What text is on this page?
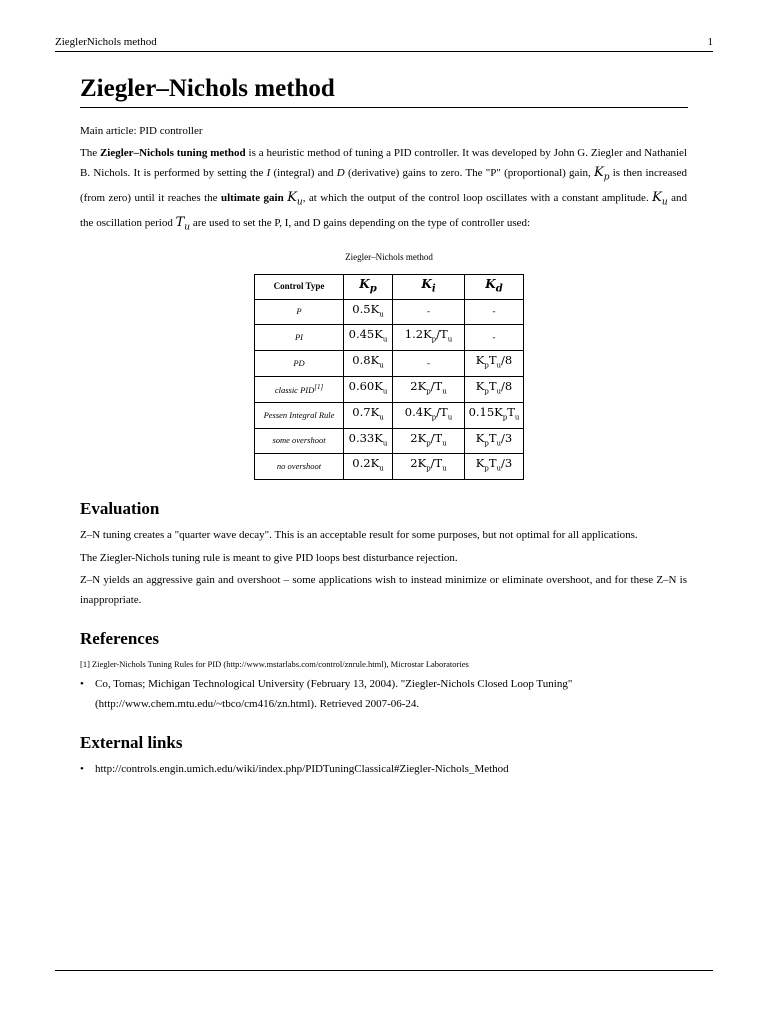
ZieglerNichols method	1
Ziegler–Nichols method

Main article: PID controller

The Ziegler–Nichols tuning method is a heuristic method of tuning a PID controller. It was developed by John G. Ziegler and Nathaniel B. Nichols. It is performed by setting the I (integral) and D (derivative) gains to zero. The "P" (proportional) gain, $K_p$ is then increased (from zero) until it reaches the ultimate gain $K_u$, at which the output of the control loop oscillates with a constant amplitude. $K_u$ and the oscillation period $T_u$ are used to set the P, I, and D gains depending on the type of controller used:

Ziegler–Nichols method
Control Type	$K_p$	$K_i$	$K_d$
P	$0.5K_u$	-	-
PI	$0.45K_u$	$1.2K_p/T_u$	-
PD	$0.8K_u$	-	$K_pT_u/8$
classic PID[1]	$0.60K_u$	$2K_p/T_u$	$K_pT_u/8$
Pessen Integral Rule	$0.7K_u$	$0.4K_p/T_u$	$0.15K_pT_u$
some overshoot	$0.33K_u$	$2K_p/T_u$	$K_pT_u/3$
no overshoot	$0.2K_u$	$2K_p/T_u$	$K_pT_u/3$
Evaluation

Z–N tuning creates a "quarter wave decay". This is an acceptable result for some purposes, but not optimal for all applications.

The Ziegler-Nichols tuning rule is meant to give PID loops best disturbance rejection.

Z–N yields an aggressive gain and overshoot – some applications wish to instead minimize or eliminate overshoot, and for these Z–N is inappropriate.

References
[1] Ziegler-Nichols Tuning Rules for PID (http://www.mstarlabs.com/control/znrule.html), Microstar Laboratories
• Co, Tomas; Michigan Technological University (February 13, 2004). "Ziegler-Nichols Closed Loop Tuning" (http://www.chem.mtu.edu/~tbco/cm416/zn.html). Retrieved 2007-06-24.
External links
• http://controls.engin.umich.edu/wiki/index.php/PIDTuningClassical#Ziegler-Nichols_Method
